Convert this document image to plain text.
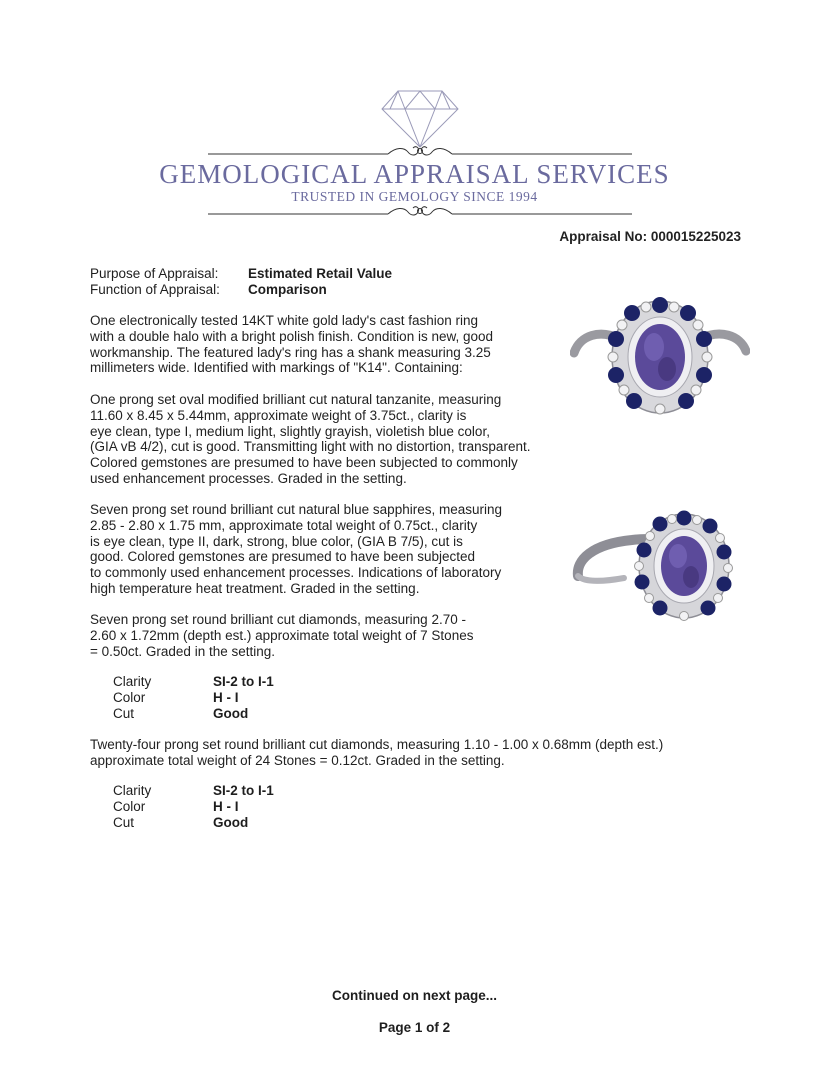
GEMOLOGICAL APPRAISAL SERVICES
TRUSTED IN GEMOLOGY SINCE 1994
Appraisal No: 000015225023
Purpose of Appraisal:	Estimated Retail Value
Function of Appraisal:	Comparison

One electronically tested 14KT white gold lady's cast fashion ring
with a double halo with a bright polish finish. Condition is new, good
workmanship. The featured lady's ring has a shank measuring 3.25
millimeters wide. Identified with markings of "K14". Containing:

One prong set oval modified brilliant cut natural tanzanite, measuring
11.60 x 8.45 x 5.44mm, approximate weight of 3.75ct., clarity is
eye clean, type I, medium light, slightly grayish, violetish blue color,
(GIA vB 4/2), cut is good. Transmitting light with no distortion, transparent.
Colored gemstones are presumed to have been subjected to commonly
used enhancement processes. Graded in the setting.

Seven prong set round brilliant cut natural blue sapphires, measuring
2.85 - 2.80 x 1.75 mm, approximate total weight of 0.75ct., clarity
is eye clean, type II, dark, strong, blue color, (GIA B 7/5), cut is
good. Colored gemstones are presumed to have been subjected
to commonly used enhancement processes. Indications of laboratory
high temperature heat treatment. Graded in the setting.

Seven prong set round brilliant cut diamonds, measuring 2.70 -
2.60 x 1.72mm (depth est.) approximate total weight of 7 Stones
= 0.50ct. Graded in the setting.

Clarity	SI-2 to I-1
Color	H - I
Cut	Good

Twenty-four prong set round brilliant cut diamonds, measuring 1.10 - 1.00 x 0.68mm (depth est.)
approximate total weight of 24 Stones = 0.12ct. Graded in the setting.

Clarity	SI-2 to I-1
Color	H - I
Cut	Good
Continued on next page...
Page 1 of 2
